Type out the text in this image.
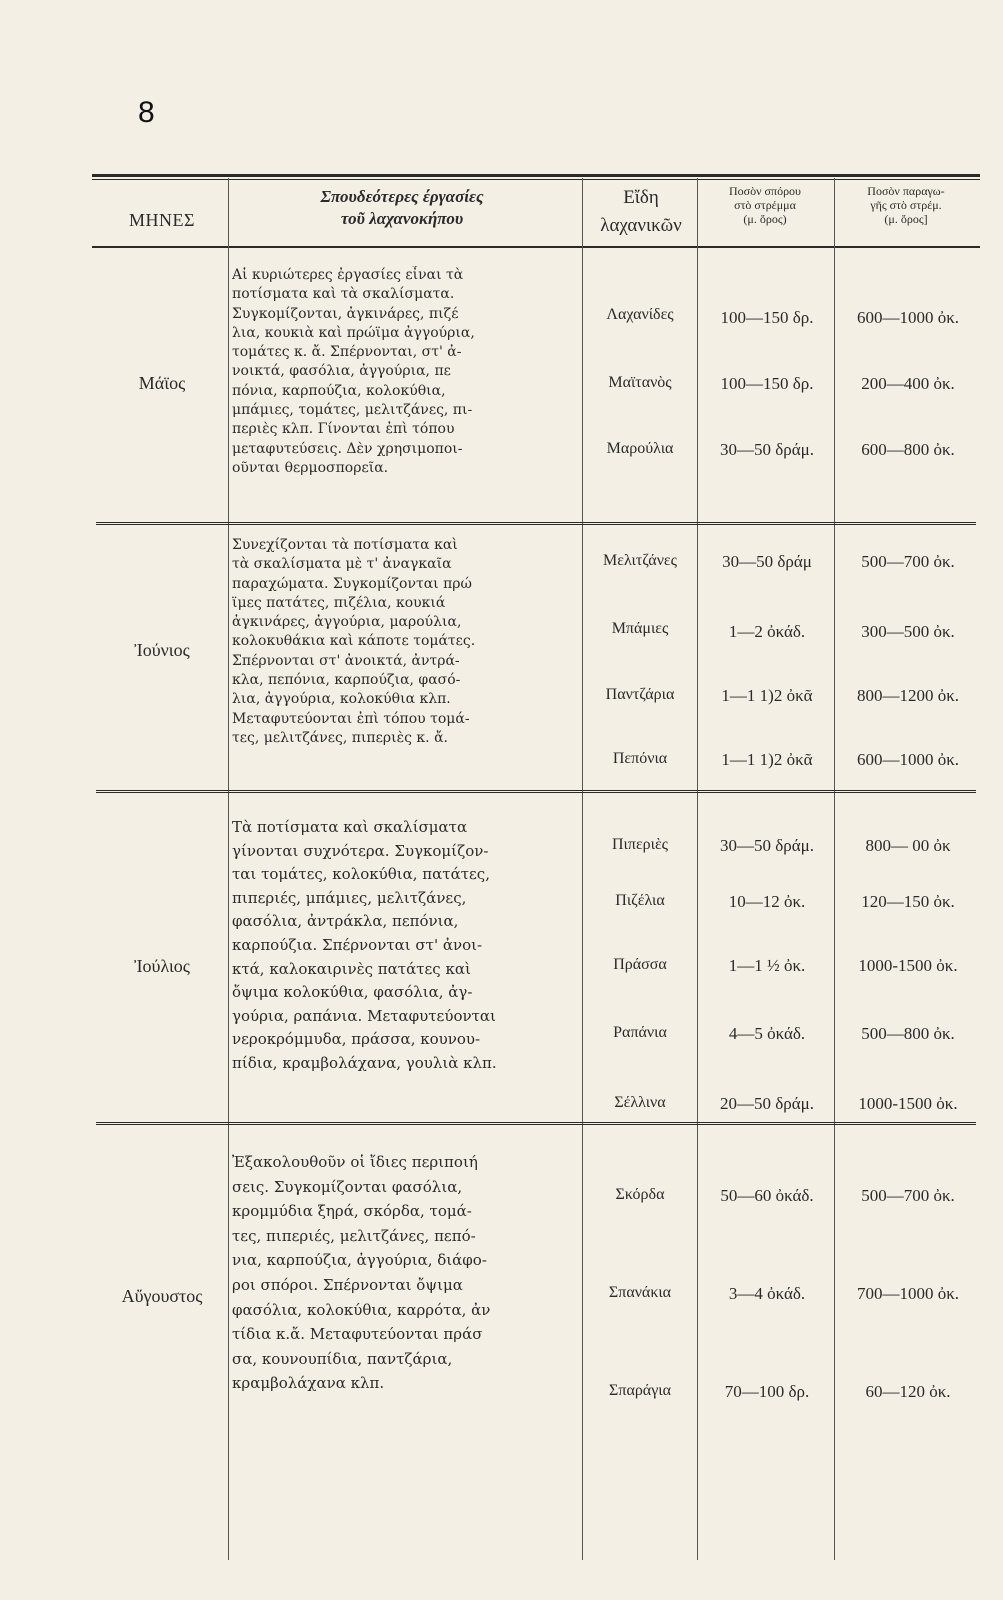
8
ΜΗΝΕΣ
Σπουδεότερες έργασίες
τοῦ λαχανοκήπου
Εἴδη
λαχανικῶν
Ποσὸν σπόρου
στὸ στρέμμα
(μ. ὅρος)
Ποσὸν παραγω-
γῆς στὸ στρέμ.
(μ. ὅρος]
Μάϊος
Αἱ κυριώτερες ἐργασίες εἶναι τὰ
ποτίσματα καὶ τὰ σκαλίσματα.
Συγκομίζονται, ἀγκινάρες, πιζέ
λια, κουκιὰ καὶ πρώϊμα ἀγγούρια,
τομάτες κ. ἄ. Σπέρνονται, στ' ἀ-
νοικτά, φασόλια, ἀγγούρια, πε
πόνια, καρπούζια, κολοκύθια,
μπάμιες, τομάτες, μελιτζάνες, πι-
περιὲς κλπ. Γίνονται ἐπὶ τόπου
μεταφυτεύσεις. Δὲν χρησιμοποι-
οῦνται θερμοσπορεῖα.
Λαχανίδες	100—150 δρ.	600—1000 ὀκ.
Μαϊτανὸς	100—150 δρ.	200—400 ὀκ.
Μαρούλια	30—50 δράμ.	600—800 ὀκ.
Ἰούνιος
Συνεχίζονται τὰ ποτίσματα καὶ
τὰ σκαλίσματα μὲ τ' ἀναγκαῖα
παραχώματα. Συγκομίζονται πρώ
ϊμες πατάτες, πιζέλια, κουκιά
ἀγκινάρες, ἀγγούρια, μαρούλια,
κολοκυθάκια καὶ κάποτε τομάτες.
Σπέρνονται στ' ἀνοικτά, ἀντρά-
κλα, πεπόνια, καρπούζια, φασό-
λια, ἀγγούρια, κολοκύθια κλπ.
Μεταφυτεύονται ἐπὶ τόπου τομά-
τες, μελιτζάνες, πιπεριὲς κ. ἄ.
Μελιτζάνες	30—50 δράμ	500—700 ὀκ.
Μπάμιες	1—2 ὀκάδ.	300—500 ὀκ.
Παντζάρια	1—1 1)2 ὀκᾶ	800—1200 ὀκ.
Πεπόνια	1—1 1)2 ὀκᾶ	600—1000 ὀκ.
Ἰούλιος
Τὰ ποτίσματα καὶ σκαλίσματα
γίνονται συχνότερα. Συγκομίζον-
ται τομάτες, κολοκύθια, πατάτες,
πιπεριές, μπάμιες, μελιτζάνες,
φασόλια, ἀντράκλα, πεπόνια,
καρπούζια. Σπέρνονται στ' ἀνοι-
κτά, καλοκαιρινὲς πατάτες καὶ
ὄψιμα κολοκύθια, φασόλια, ἀγ-
γούρια, ραπάνια. Μεταφυτεύονται
νεροκρόμμυδα, πράσσα, κουνου-
πίδια, κραμβολάχανα, γουλιὰ κλπ.
Πιπεριὲς	30—50 δράμ.	800— 00 ὀκ
Πιζέλια	10—12 ὀκ.	120—150 ὀκ.
Πράσσα	1—1 ½ ὀκ.	1000-1500 ὀκ.
Ραπάνια	4—5 ὀκάδ.	500—800 ὀκ.
Σέλλινα	20—50 δράμ.	1000-1500 ὀκ.
Αὔγουστος
Ἐξακολουθοῦν οἱ ἴδιες περιποιή
σεις. Συγκομίζονται φασόλια,
κρομμύδια ξηρά, σκόρδα, τομά-
τες, πιπεριές, μελιτζάνες, πεπό-
νια, καρπούζια, ἀγγούρια, διάφο-
ροι σπόροι. Σπέρνονται ὄψιμα
φασόλια, κολοκύθια, καρρότα, ἀν
τίδια κ.ἄ. Μεταφυτεύονται πράσ
σα, κουνουπίδια, παντζάρια,
κραμβολάχανα κλπ.
Σκόρδα	50—60 ὀκάδ.	500—700 ὀκ.
Σπανάκια	3—4 ὀκάδ.	700—1000 ὀκ.
Σπαράγια	70—100 δρ.	60—120 ὀκ.
